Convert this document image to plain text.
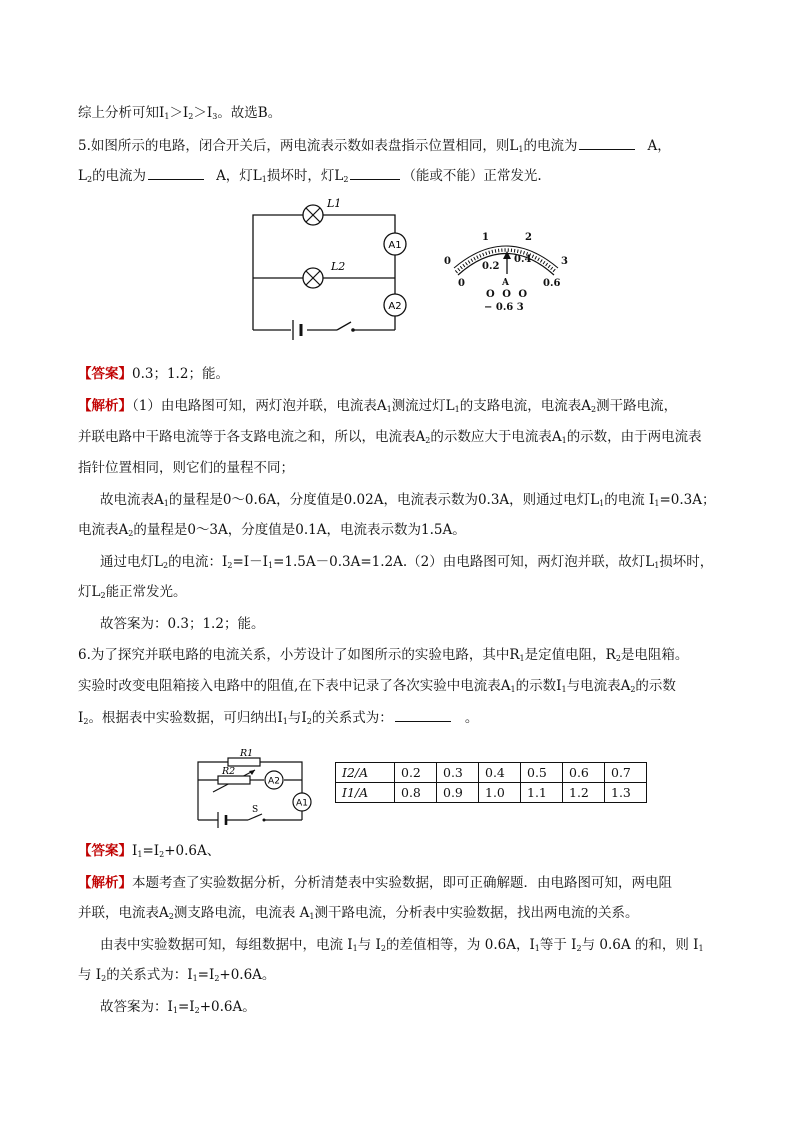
综上分析可知$I_1>I_2>I_3$。故选B。
5.如图所示的电路，闭合开关后，两电流表示数如表盘指示位置相同，则$L_1$的电流为	A，
$L_2$的电流为	A，灯$L_1$损坏时，灯$L_2$	（能或不能）正常发光.
L1
L2
A1
A2
0
1	2
3
0
0.2
0.4
0.6
A
O O O
− 0.6 3
【答案】0.3；1.2；能。
【解析】（1）由电路图可知，两灯泡并联，电流表$A_1$测流过灯$L_1$的支路电流，电流表$A_2$测干路电流，
并联电路中干路电流等于各支路电流之和，所以，电流表$A_2$的示数应大于电流表$A_1$的示数，由于两电流表
指针位置相同，则它们的量程不同；
故电流表$A_1$的量程是0～0.6A，分度值是0.02A，电流表示数为0.3A，则通过电灯$L_1$的电流 $I_1=0.3A$；
电流表$A_2$的量程是0～3A，分度值是0.1A，电流表示数为1.5A。
通过电灯$L_2$的电流：$I_2=I-I_1=1.5A-0.3A=1.2A.(2)$由电路图可知，两灯泡并联，故灯$L_1$损坏时，
灯$L_2$能正常发光。
故答案为：0.3；1.2；能。
6.为了探究并联电路的电流关系，小芳设计了如图所示的实验电路，其中$R_1$是定值电阻，$R_2$是电阻箱。
实验时改变电阻箱接入电路中的阻值,在下表中记录了各次实验中电流表$A_1$的示数$I_1$与电流表$A_2$的示数
$I_2$。根据表中实验数据，可归纳出$I_1$与$I_2$的关系式为：	。
R1
R2
A2
A1
S
I2/A	0.2	0.3	0.4	0.5	0.6	0.7
I1/A	0.8	0.9	1.0	1.1	1.2	1.3
【答案】$I_1=I_2+0.6A$、
【解析】本题考查了实验数据分析，分析清楚表中实验数据，即可正确解题．由电路图可知，两电阻
并联，电流表$A_2$测支路电流，电流表 $A_1$测干路电流，分析表中实验数据，找出两电流的关系。
由表中实验数据可知，每组数据中，电流 $I_1$与 $I_2$的差值相等，为 0.6A，$I_1$等于 $I_2$与 0.6A 的和，则 $I_1$
与 $I_2$的关系式为：$I_1=I_2+0.6A$。
故答案为：$I_1=I_2+0.6A$。
